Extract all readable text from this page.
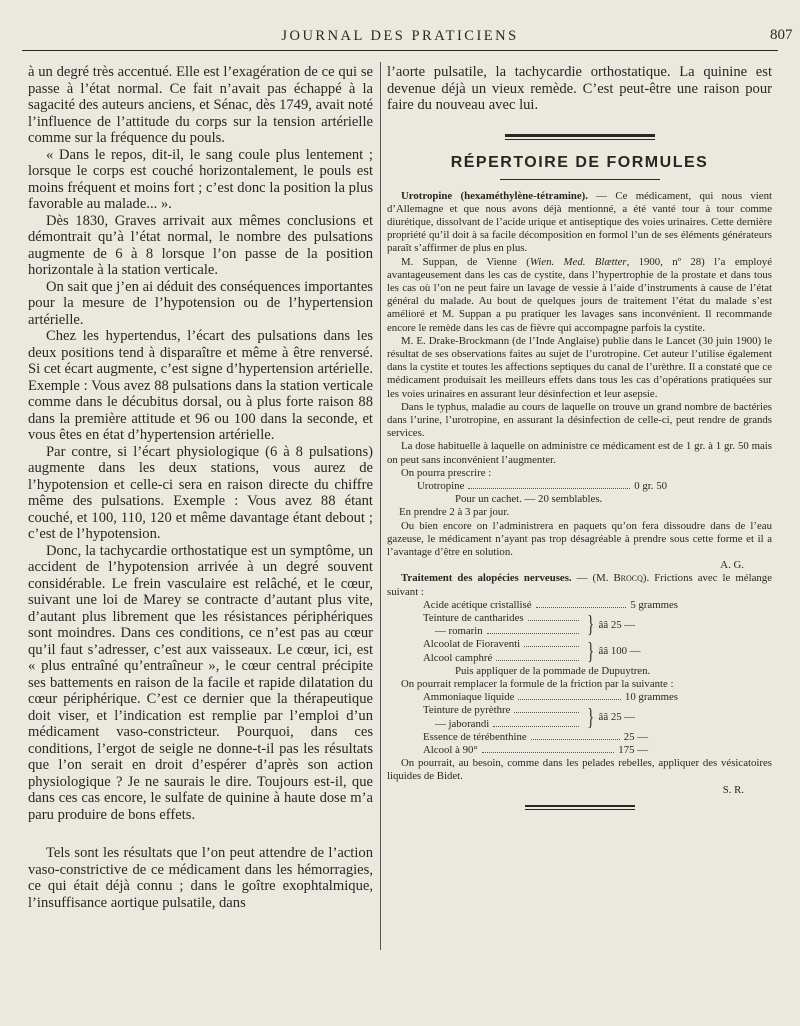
JOURNAL DES PRATICIENS	807

à un degré très accentué. Elle est l’exagération de ce qui se passe à l’état normal. Ce fait n’avait pas échappé à la sagacité des auteurs anciens, et Sénac, dès 1749, avait noté l’influence de l’attitude du corps sur la tension artérielle comme sur la fréquence du pouls.

« Dans le repos, dit-il, le sang coule plus lentement ; lorsque le corps est couché horizontalement, le pouls est moins fréquent et moins fort ; c’est donc la position la plus favorable au malade... ».

Dès 1830, Graves arrivait aux mêmes conclusions et démontrait qu’à l’état normal, le nombre des pulsations augmente de 6 à 8 lorsque l’on passe de la position horizontale à la station verticale.

On sait que j’en ai déduit des conséquences importantes pour la mesure de l’hypotension ou de l’hypertension artérielle.

Chez les hypertendus, l’écart des pulsations dans les deux positions tend à disparaître et même à être renversé. Si cet écart augmente, c’est signe d’hypertension artérielle. Exemple : Vous avez 88 pulsations dans la station verticale comme dans le décubitus dorsal, ou à plus forte raison 88 dans la première attitude et 96 ou 100 dans la seconde, et vous êtes en état d’hypertension artérielle.

Par contre, si l’écart physiologique (6 à 8 pulsations) augmente dans les deux stations, vous aurez de l’hypotension et celle-ci sera en raison directe du chiffre même des pulsations. Exemple : Vous avez 88 étant couché, et 100, 110, 120 et même davantage étant debout ; c’est de l’hypotension.

Donc, la tachycardie orthostatique est un symptôme, un accident de l’hypotension arrivée à un degré souvent considérable. Le frein vasculaire est relâché, et le cœur, suivant une loi de Marey se contracte d’autant plus vite, d’autant plus librement que les résistances périphériques sont moindres. Dans ces conditions, ce n’est pas au cœur qu’il faut s’adresser, c’est aux vaisseaux. Le cœur, ici, est « plus entraîné qu’entraîneur », le cœur central précipite ses battements en raison de la facile et rapide dilatation du cœur périphérique. C’est ce dernier que la thérapeutique doit viser, et l’indication est remplie par l’emploi d’un médicament vaso-constricteur. Pourquoi, dans ces conditions, l’ergot de seigle ne donne-t-il pas les résultats que l’on serait en droit d’espérer d’après son action physiologique ? Je ne saurais le dire. Toujours est-il, que dans ces cas encore, le sulfate de quinine à haute dose m’a paru produire de bons effets.

Tels sont les résultats que l’on peut attendre de l’action vaso-constrictive de ce médicament dans les hémorragies, ce qui était déjà connu ; dans le goître exophtalmique, l’insuffisance aortique pulsatile, dans

l’aorte pulsatile, la tachycardie orthostatique. La quinine est devenue déjà un vieux remède. C’est peut-être une raison pour faire du nouveau avec lui.

RÉPERTOIRE DE FORMULES

Urotropine (hexaméthylène-tétramine). — Ce médicament, qui nous vient d’Allemagne et que nous avons déjà mentionné, a été vanté tour à tour comme diurétique, dissolvant de l’acide urique et antiseptique des voies urinaires. Cette dernière propriété qu’il doit à sa facile décomposition en formol l’un de ses éléments générateurs paraît s’affirmer de plus en plus.

M. Suppan, de Vienne (Wien. Med. Blætter, 1900, nº 28) l’a employé avantageusement dans les cas de cystite, dans l’hypertrophie de la prostate et dans tous les cas où l’on ne peut faire un lavage de vessie à l’aide d’instruments à cause de l’état général du malade. Au bout de quelques jours de traitement l’état du malade s’est amélioré et M. Suppan a pu pratiquer les lavages sans inconvénient. Il recommande encore le remède dans les cas de fièvre qui accompagne parfois la cystite.

M. E. Drake-Brockmann (de l’Inde Anglaise) publie dans le Lancet (30 juin 1900) le résultat de ses observations faites au sujet de l’urotropine. Cet auteur l’utilise également dans la cystite et toutes les affections septiques du canal de l’urèthre. Il a constaté que ce médicament produisait les meilleurs effets dans tous les cas d’opérations pratiquées sur les voies urinaires en assurant leur désinfection et leur asepsie.

Dans le typhus, maladie au cours de laquelle on trouve un grand nombre de bactéries dans l’urine, l’urotropine, en assurant la désinfection de celle-ci, peut rendre de grands services.

La dose habituelle à laquelle on administre ce médicament est de 1 gr. à 1 gr. 50 mais on peut sans inconvénient l’augmenter.

On pourra prescrire :

Urotropine	0 gr. 50
Pour un cachet. — 20 semblables.
En prendre 2 à 3 par jour.

Ou bien encore on l’administrera en paquets qu’on fera dissoudre dans de l’eau gazeuse, le médicament n’ayant pas trop désagréable à prendre sous cette forme et il a l’avantage d’être en solution.

A. G.

Traitement des alopécies nerveuses. — (M. Brocq). Frictions avec le mélange suivant :

Acide acétique cristallisé	5 grammes
Teinture de cantharides
— romarin	} ââ 25 —
Alcoolat de Fioraventi
Alcool camphré	} ââ 100 —
Puis appliquer de la pommade de Dupuytren.

On pourrait remplacer la formule de la friction par la suivante :

Ammoniaque liquide	10 grammes
Teinture de pyrèthre
— jaborandi	} ââ 25 —
Essence de térébenthine	25 —
Alcool à 90°	175 —

On pourrait, au besoin, comme dans les pelades rebelles, appliquer des vésicatoires liquides de Bidet.

S. R.
